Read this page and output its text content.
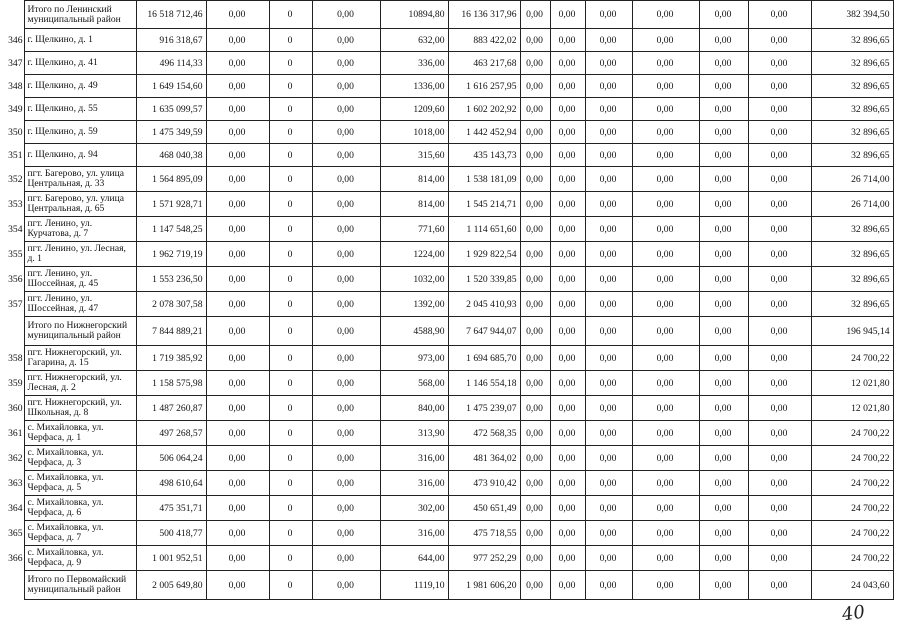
	Итого по Ленинский муниципальный район	16 518 712,46	0,00	0	0,00	10894,80	16 136 317,96	0,00	0,00	0,00	0,00	0,00	0,00	382 394,50
346	г. Щелкино, д. 1	916 318,67	0,00	0	0,00	632,00	883 422,02	0,00	0,00	0,00	0,00	0,00	0,00	32 896,65
347	г. Щелкино, д. 41	496 114,33	0,00	0	0,00	336,00	463 217,68	0,00	0,00	0,00	0,00	0,00	0,00	32 896,65
348	г. Щелкино, д. 49	1 649 154,60	0,00	0	0,00	1336,00	1 616 257,95	0,00	0,00	0,00	0,00	0,00	0,00	32 896,65
349	г. Щелкино, д. 55	1 635 099,57	0,00	0	0,00	1209,60	1 602 202,92	0,00	0,00	0,00	0,00	0,00	0,00	32 896,65
350	г. Щелкино, д. 59	1 475 349,59	0,00	0	0,00	1018,00	1 442 452,94	0,00	0,00	0,00	0,00	0,00	0,00	32 896,65
351	г. Щелкино, д. 94	468 040,38	0,00	0	0,00	315,60	435 143,73	0,00	0,00	0,00	0,00	0,00	0,00	32 896,65
352	пгт. Багерово, ул. улица Центральная, д. 33	1 564 895,09	0,00	0	0,00	814,00	1 538 181,09	0,00	0,00	0,00	0,00	0,00	0,00	26 714,00
353	пгт. Багерово, ул. улица Центральная, д. 65	1 571 928,71	0,00	0	0,00	814,00	1 545 214,71	0,00	0,00	0,00	0,00	0,00	0,00	26 714,00
354	пгт. Ленино, ул. Курчатова, д. 7	1 147 548,25	0,00	0	0,00	771,60	1 114 651,60	0,00	0,00	0,00	0,00	0,00	0,00	32 896,65
355	пгт. Ленино, ул. Лесная, д. 1	1 962 719,19	0,00	0	0,00	1224,00	1 929 822,54	0,00	0,00	0,00	0,00	0,00	0,00	32 896,65
356	пгт. Ленино, ул. Шоссейная, д. 45	1 553 236,50	0,00	0	0,00	1032,00	1 520 339,85	0,00	0,00	0,00	0,00	0,00	0,00	32 896,65
357	пгт. Ленино, ул. Шоссейная, д. 47	2 078 307,58	0,00	0	0,00	1392,00	2 045 410,93	0,00	0,00	0,00	0,00	0,00	0,00	32 896,65
	Итого по Нижнегорский муниципальный район	7 844 889,21	0,00	0	0,00	4588,90	7 647 944,07	0,00	0,00	0,00	0,00	0,00	0,00	196 945,14
358	пгт. Нижнегорский, ул. Гагарина, д. 15	1 719 385,92	0,00	0	0,00	973,00	1 694 685,70	0,00	0,00	0,00	0,00	0,00	0,00	24 700,22
359	пгт. Нижнегорский, ул. Лесная, д. 2	1 158 575,98	0,00	0	0,00	568,00	1 146 554,18	0,00	0,00	0,00	0,00	0,00	0,00	12 021,80
360	пгт. Нижнегорский, ул. Школьная, д. 8	1 487 260,87	0,00	0	0,00	840,00	1 475 239,07	0,00	0,00	0,00	0,00	0,00	0,00	12 021,80
361	с. Михайловка, ул. Черфаса, д. 1	497 268,57	0,00	0	0,00	313,90	472 568,35	0,00	0,00	0,00	0,00	0,00	0,00	24 700,22
362	с. Михайловка, ул. Черфаса, д. 3	506 064,24	0,00	0	0,00	316,00	481 364,02	0,00	0,00	0,00	0,00	0,00	0,00	24 700,22
363	с. Михайловка, ул. Черфаса, д. 5	498 610,64	0,00	0	0,00	316,00	473 910,42	0,00	0,00	0,00	0,00	0,00	0,00	24 700,22
364	с. Михайловка, ул. Черфаса, д. 6	475 351,71	0,00	0	0,00	302,00	450 651,49	0,00	0,00	0,00	0,00	0,00	0,00	24 700,22
365	с. Михайловка, ул. Черфаса, д. 7	500 418,77	0,00	0	0,00	316,00	475 718,55	0,00	0,00	0,00	0,00	0,00	0,00	24 700,22
366	с. Михайловка, ул. Черфаса, д. 9	1 001 952,51	0,00	0	0,00	644,00	977 252,29	0,00	0,00	0,00	0,00	0,00	0,00	24 700,22
	Итого по Первомайский муниципальный район	2 005 649,80	0,00	0	0,00	1119,10	1 981 606,20	0,00	0,00	0,00	0,00	0,00	0,00	24 043,60
40
